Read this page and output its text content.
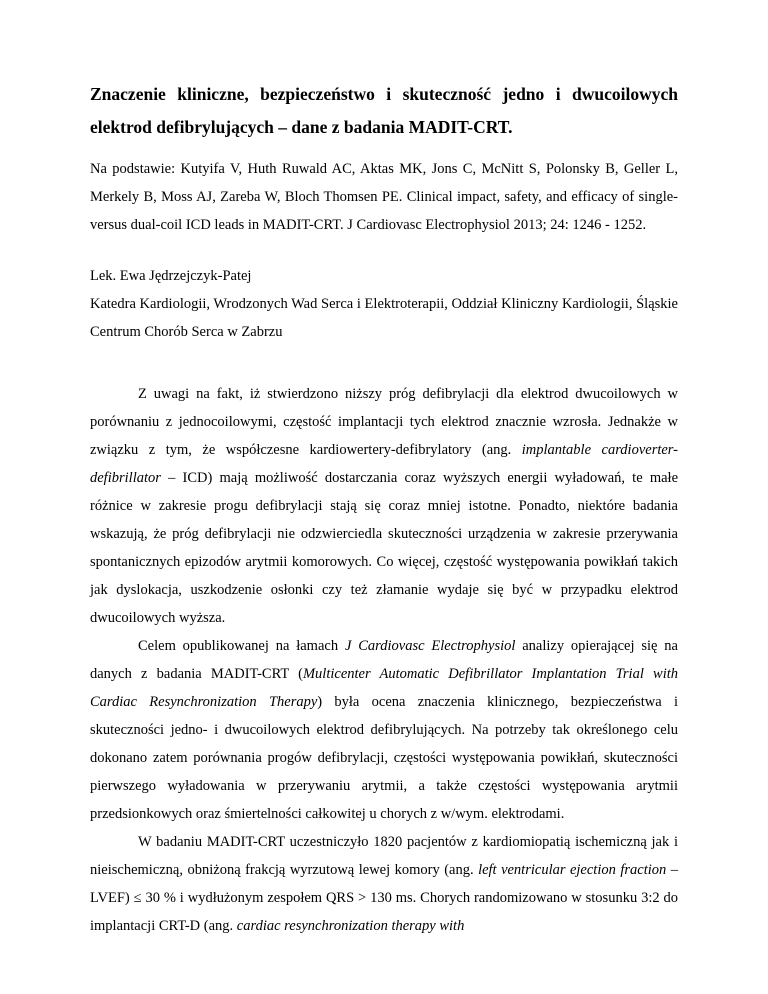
Znaczenie kliniczne, bezpieczeństwo i skuteczność jedno i dwucoilowych elektrod defibrylujących – dane z badania MADIT-CRT.

Na podstawie: Kutyifa V, Huth Ruwald AC, Aktas MK, Jons C, McNitt S, Polonsky B, Geller L, Merkely B, Moss AJ, Zareba W, Bloch Thomsen PE. Clinical impact, safety, and efficacy of single- versus dual-coil ICD leads in MADIT-CRT. J Cardiovasc Electrophysiol 2013; 24: 1246 - 1252.

Lek. Ewa Jędrzejczyk-Patej

Katedra Kardiologii, Wrodzonych Wad Serca i Elektroterapii, Oddział Kliniczny Kardiologii, Śląskie Centrum Chorób Serca w Zabrzu

Z uwagi na fakt, iż stwierdzono niższy próg defibrylacji dla elektrod dwucoilowych w porównaniu z jednocoilowymi, częstość implantacji tych elektrod znacznie wzrosła. Jednakże w związku z tym, że współczesne kardiowertery-defibrylatory (ang. implantable cardioverter-defibrillator – ICD) mają możliwość dostarczania coraz wyższych energii wyładowań, te małe różnice w zakresie progu defibrylacji stają się coraz mniej istotne. Ponadto, niektóre badania wskazują, że próg defibrylacji nie odzwierciedla skuteczności urządzenia w zakresie przerywania spontanicznych epizodów arytmii komorowych. Co więcej, częstość występowania powikłań takich jak dyslokacja, uszkodzenie osłonki czy też złamanie wydaje się być w przypadku elektrod dwucoilowych wyższa.

Celem opublikowanej na łamach J Cardiovasc Electrophysiol analizy opierającej się na danych z badania MADIT-CRT (Multicenter Automatic Defibrillator Implantation Trial with Cardiac Resynchronization Therapy) była ocena znaczenia klinicznego, bezpieczeństwa i skuteczności jedno- i dwucoilowych elektrod defibrylujących. Na potrzeby tak określonego celu dokonano zatem porównania progów defibrylacji, częstości występowania powikłań, skuteczności pierwszego wyładowania w przerywaniu arytmii, a także częstości występowania arytmii przedsionkowych oraz śmiertelności całkowitej u chorych z w/wym. elektrodami.

W badaniu MADIT-CRT uczestniczyło 1820 pacjentów z kardiomiopatią ischemiczną jak i nieischemiczną, obniżoną frakcją wyrzutową lewej komory (ang. left ventricular ejection fraction – LVEF) ≤ 30 % i wydłużonym zespołem QRS > 130 ms. Chorych randomizowano w stosunku 3:2 do implantacji CRT-D (ang. cardiac resynchronization therapy with
